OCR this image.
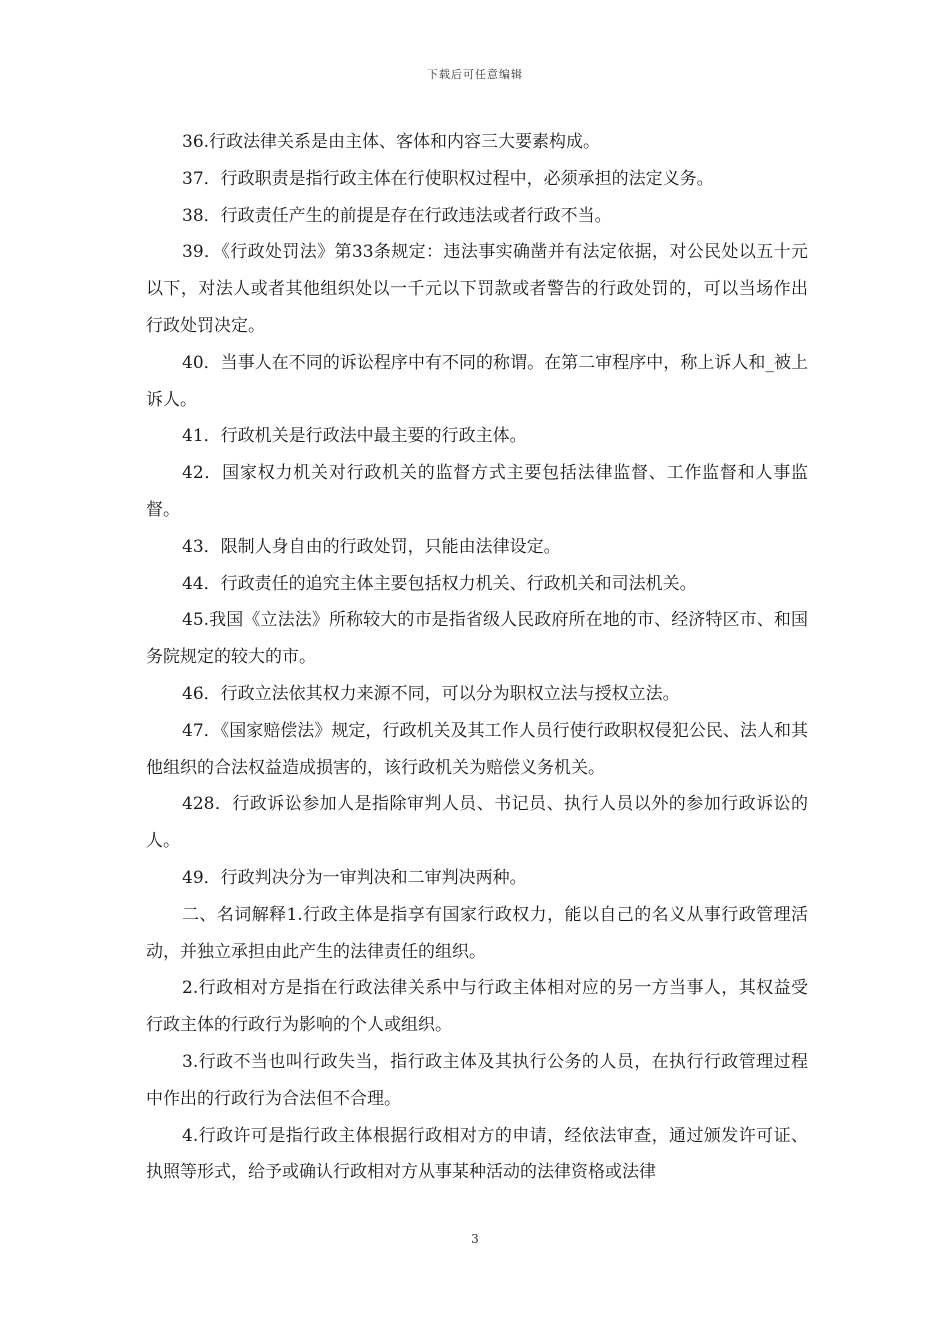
下载后可任意编辑

36.行政法律关系是由主体、客体和内容三大要素构成。

37．行政职责是指行政主体在行使职权过程中，必须承担的法定义务。

38．行政责任产生的前提是存在行政违法或者行政不当。

39．《行政处罚法》第33条规定：违法事实确凿并有法定依据，对公民处以五十元以下，对法人或者其他组织处以一千元以下罚款或者警告的行政处罚的，可以当场作出行政处罚决定。

40．当事人在不同的诉讼程序中有不同的称谓。在第二审程序中，称上诉人和_被上诉人。

41．行政机关是行政法中最主要的行政主体。

42．国家权力机关对行政机关的监督方式主要包括法律监督、工作监督和人事监督。

43．限制人身自由的行政处罚，只能由法律设定。

44．行政责任的追究主体主要包括权力机关、行政机关和司法机关。

45.我国《立法法》所称较大的市是指省级人民政府所在地的市、经济特区市、和国务院规定的较大的市。

46．行政立法依其权力来源不同，可以分为职权立法与授权立法。

47．《国家赔偿法》规定，行政机关及其工作人员行使行政职权侵犯公民、法人和其他组织的合法权益造成损害的，该行政机关为赔偿义务机关。

428．行政诉讼参加人是指除审判人员、书记员、执行人员以外的参加行政诉讼的人。

49．行政判决分为一审判决和二审判决两种。

二、名词解释1.行政主体是指享有国家行政权力，能以自己的名义从事行政管理活动，并独立承担由此产生的法律责任的组织。

2.行政相对方是指在行政法律关系中与行政主体相对应的另一方当事人，其权益受行政主体的行政行为影响的个人或组织。

3.行政不当也叫行政失当，指行政主体及其执行公务的人员，在执行行政管理过程中作出的行政行为合法但不合理。

4.行政许可是指行政主体根据行政相对方的申请，经依法审查，通过颁发许可证、执照等形式，给予或确认行政相对方从事某种活动的法律资格或法律

3
